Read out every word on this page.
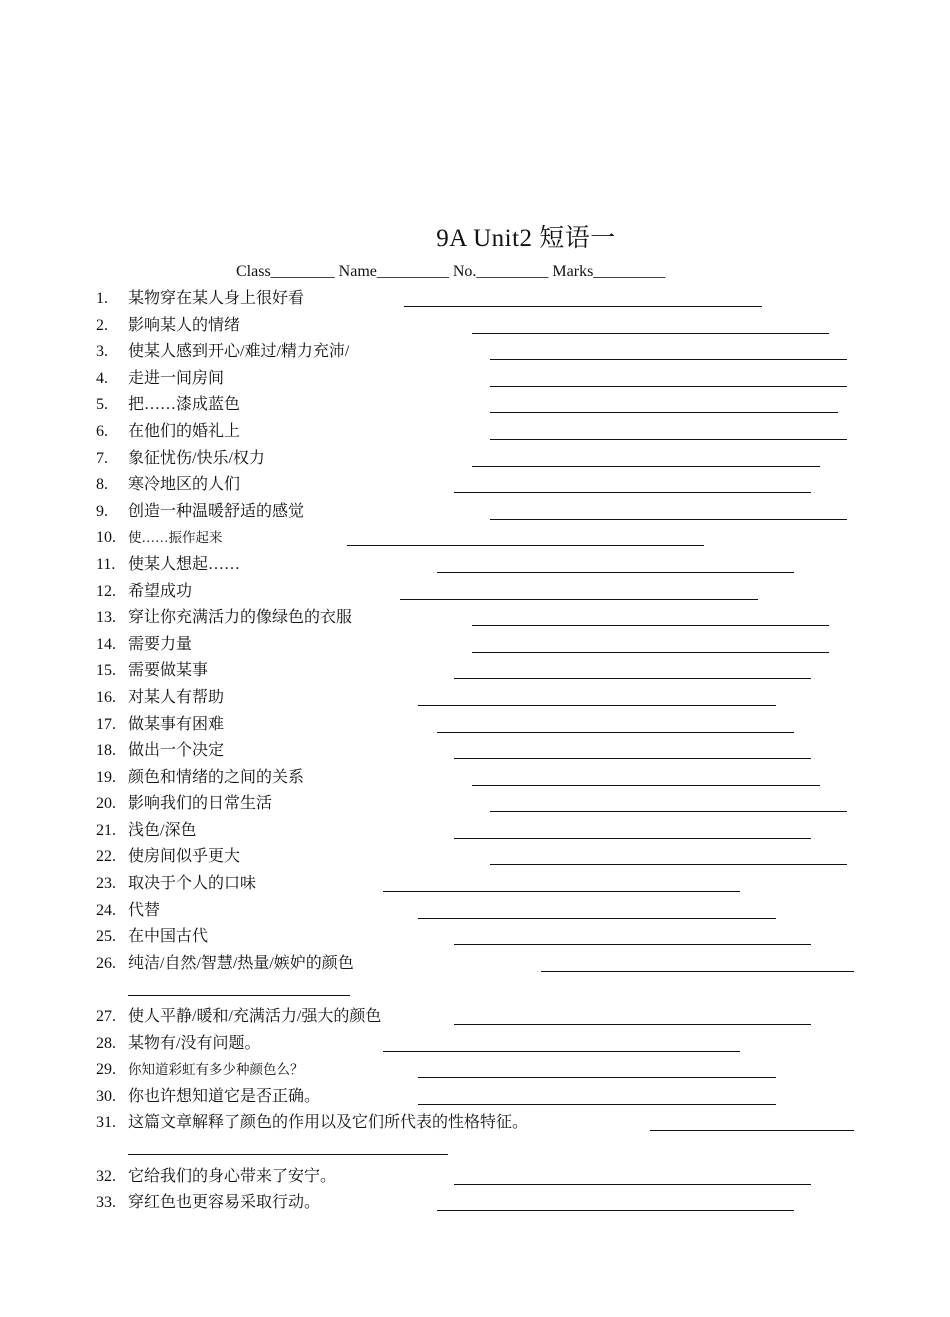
9A Unit2 短语一
Class________ Name_________ No._________ Marks_________
1. 某物穿在某人身上很好看
2. 影响某人的情绪
3. 使某人感到开心/难过/精力充沛/
4. 走进一间房间
5. 把……漆成蓝色
6. 在他们的婚礼上
7. 象征忧伤/快乐/权力
8. 寒冷地区的人们
9. 创造一种温暖舒适的感觉
10. 使……振作起来
11. 使某人想起……
12. 希望成功
13. 穿让你充满活力的像绿色的衣服
14. 需要力量
15. 需要做某事
16. 对某人有帮助
17. 做某事有困难
18. 做出一个决定
19. 颜色和情绪的之间的关系
20. 影响我们的日常生活
21. 浅色/深色
22. 使房间似乎更大
23. 取决于个人的口味
24. 代替
25. 在中国古代
26. 纯洁/自然/智慧/热量/嫉妒的颜色
27. 使人平静/暖和/充满活力/强大的颜色
28. 某物有/没有问题。
29. 你知道彩虹有多少种颜色么？
30. 你也许想知道它是否正确。
31. 这篇文章解释了颜色的作用以及它们所代表的性格特征。
32. 它给我们的身心带来了安宁。
33. 穿红色也更容易采取行动。
